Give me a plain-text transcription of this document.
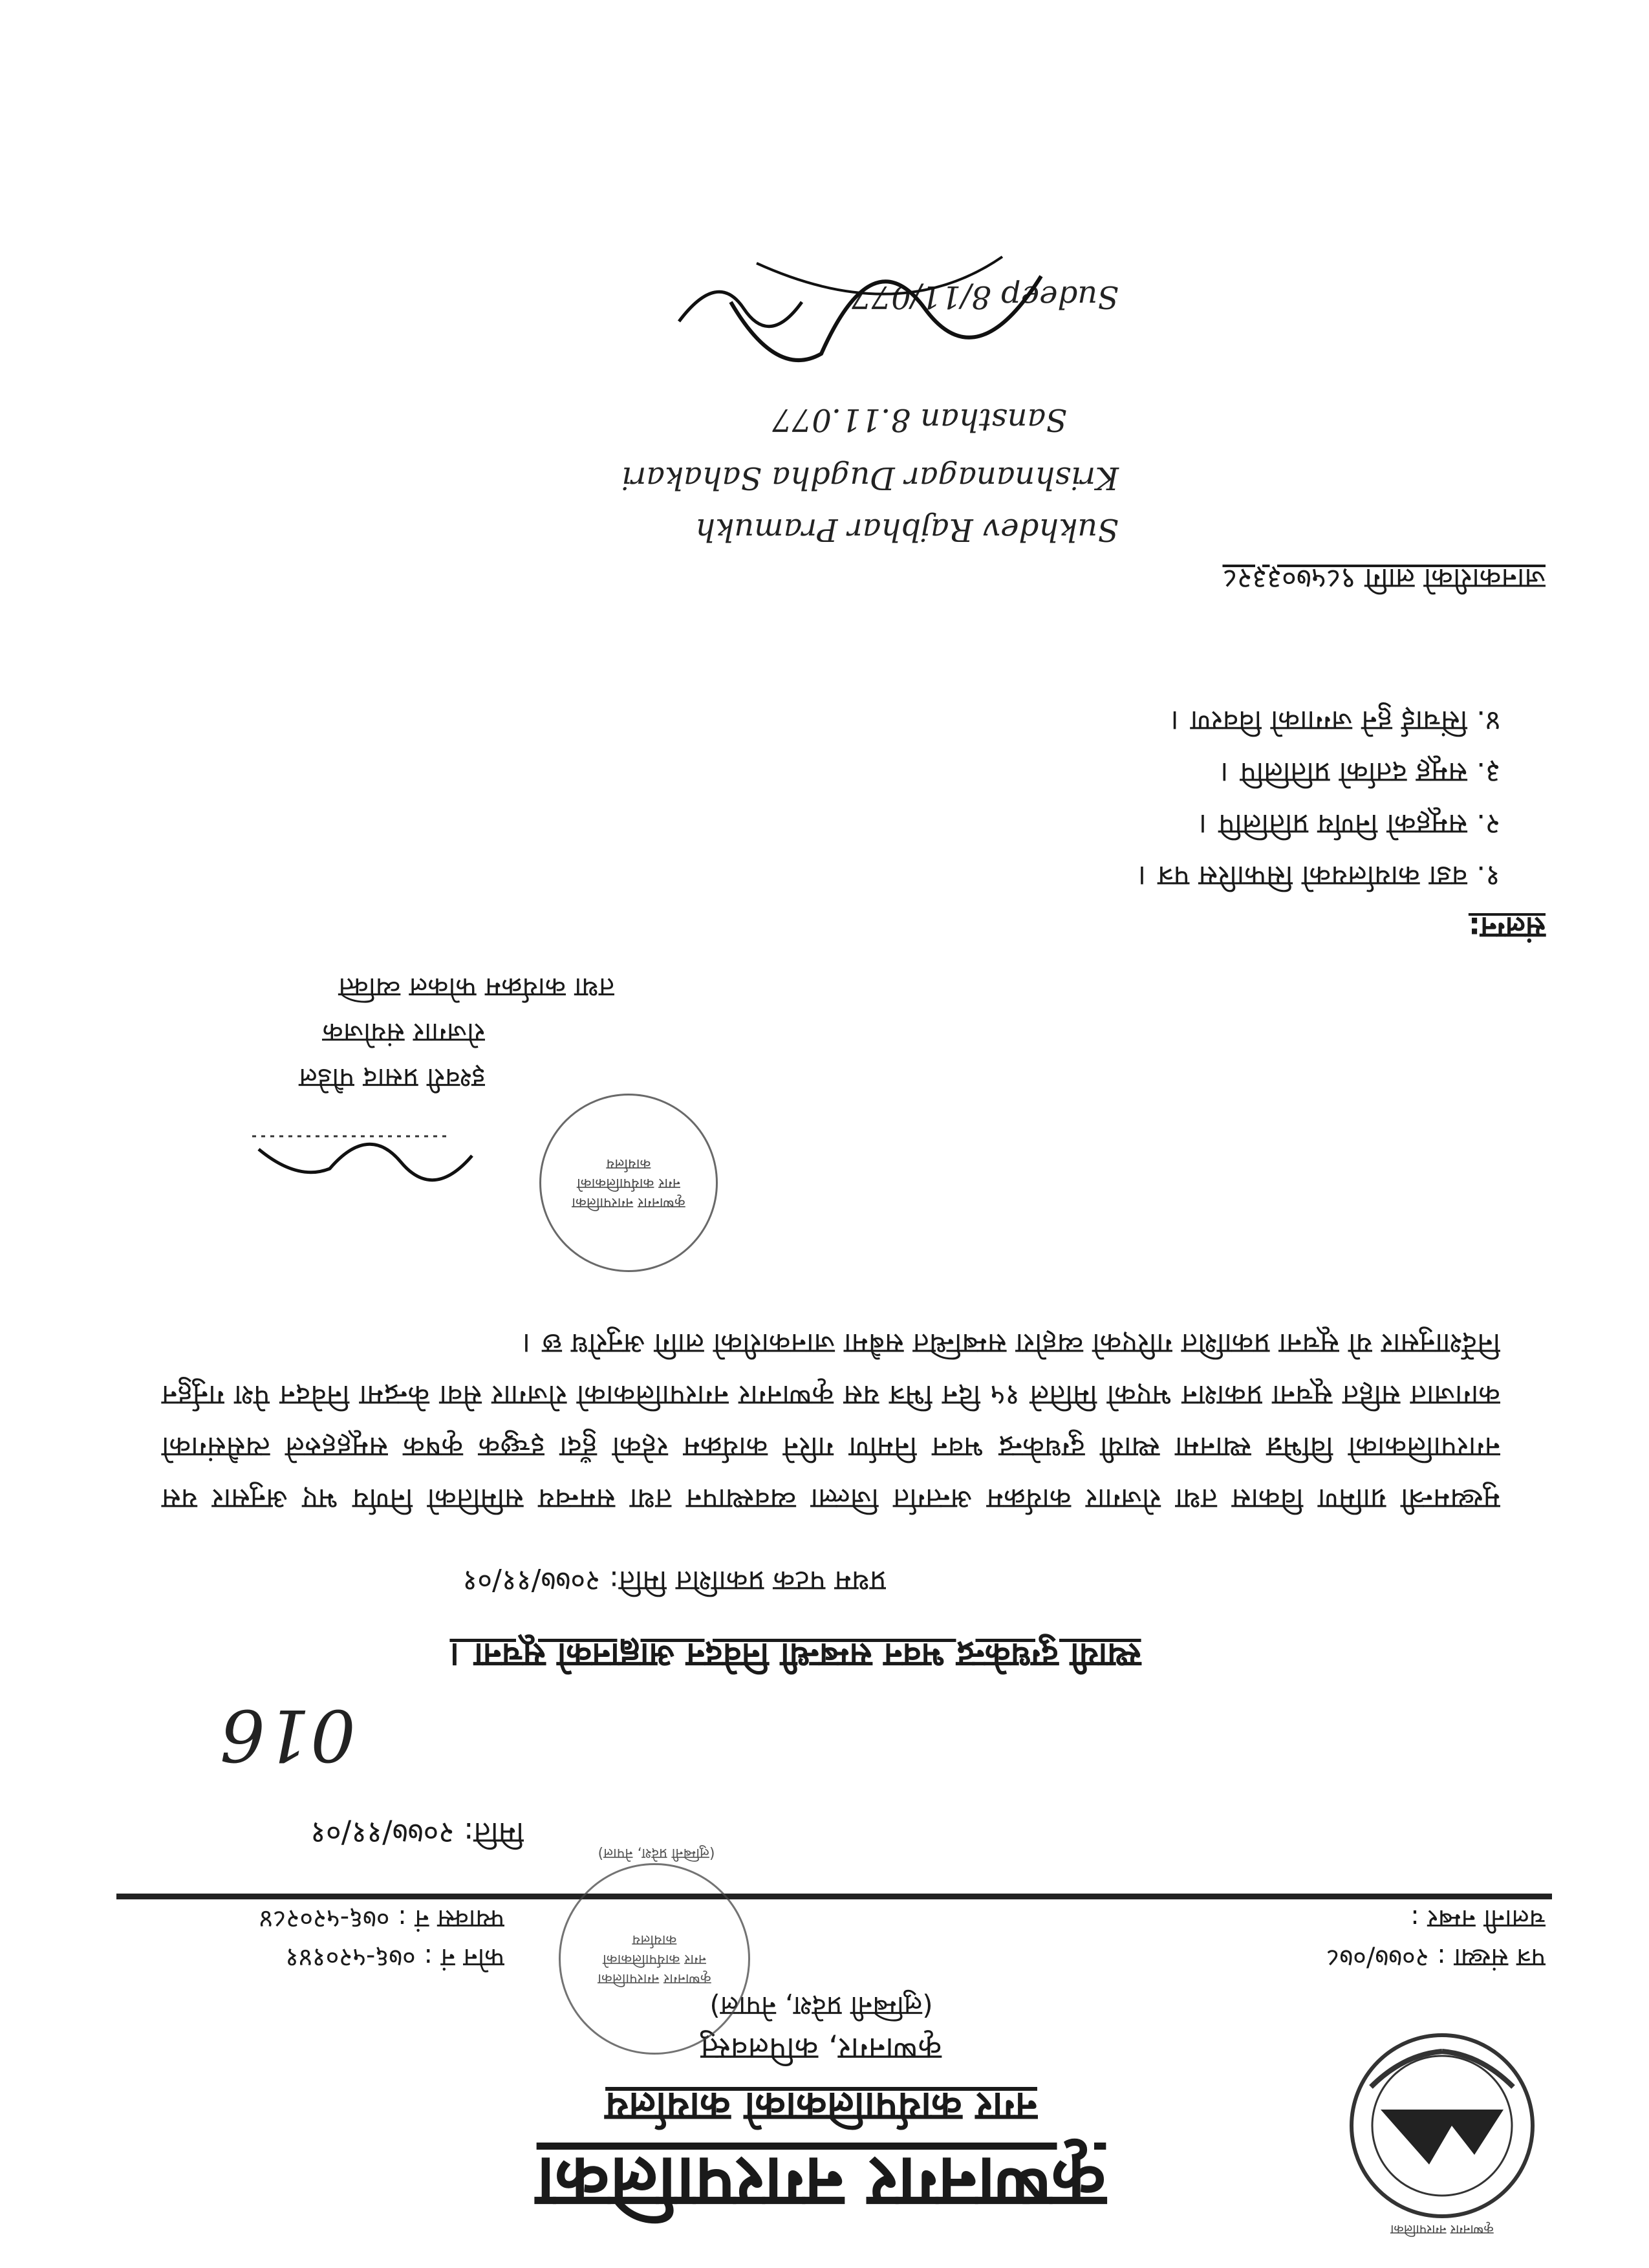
कृष्णनगर नगरपालिका
कृष्णनगर नगरपालिका
नगर कार्यपालिकाको कार्यालय
कृष्णनगर, कपिलवस्तु
(लुम्बिनी प्रदेश, नेपाल)
पत्र संख्या : २०७७/०७८
चलानी नम्बर :
फोन नं : ०७६-५२०१४१
फ्याक्स नं : ०७६-५२०२८४
कृष्णनगर नगरपालिका नगर कार्यपालिकाको कार्यालय
(लुम्बिनी प्रदेश, नेपाल)
मिति: २०७७/११/०१
016
स्थायी दुग्धकेन्द्र भवन सम्बन्धी निवेदन आह्वानको सूचना ।
प्रथम पटक प्रकाशित मिति: २०७७/११/०१
मुख्यमन्त्री ग्रामिण विकास तथा रोजगार कार्यक्रम अन्तर्गत जिल्ला व्यवस्थापन तथा समन्वय समितिको निर्णय भए अनुसार यस नगरपालिकाको विभिन्न स्थानमा स्थायी दुग्धकेन्द्र भवन निर्माण गरिने कार्यक्रम रहेको हुँदा इच्छुक कृषक समूहहरुले त्यसैसंगको कागजात सहित सूचना प्रकाशन भएको मितिले १५ दिन भित्र यस कृष्णनगर नगरपालिकाको रोजगार सेवा केन्द्रमा निवेदन पेश गर्नुहुन निर्देशानुसार यो सूचना प्रकाशित गरिएको व्यहोरा सम्बन्धित सबैमा जानकारीको लागि अनुरोध छ ।
कृष्णनगर नगरपालिका नगर कार्यपालिकाको कार्यालय
इश्वरी प्रसाद पौडेल
रोजगार संयोजक
तथा कार्यक्रम फोकल व्यक्ति
संलग्न:
१. वडा कार्यालयको सिफारिस पत्र ।
२. समूहको निर्णय प्रतिलिपि ।
३. समूह दर्ताको प्रतिलिपि ।
४. सिंचाई हुने जग्गाको विवरण ।
जानकारीको लागि ९८५७०३३२८
Sukhdev Rajbhar Pramukh
Krishnanagar Dugdha Sahakari
Sansthan 8.11.077
Sudeep 8/11/077
